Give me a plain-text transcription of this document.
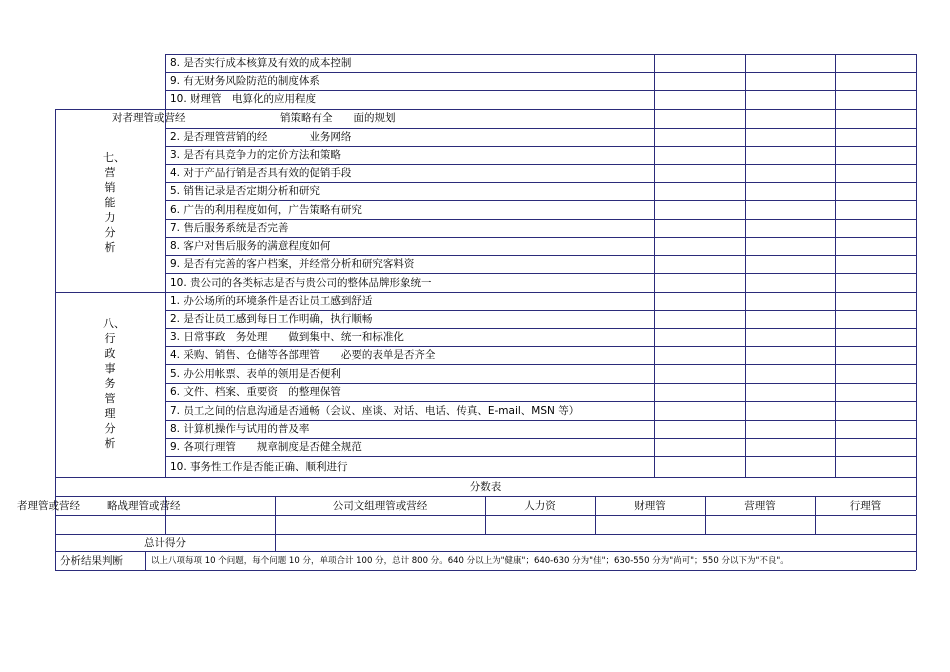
8. 是否实行成本核算及有效的成本控制
9. 有无财务风险防范的制度体系
10. 财理管　电算化的应用程度
七、营销能力分析
对者理管或营经　　　　　　　　　销策略有全　　面的规划
2. 是否理管营销的经　　　　业务网络
3. 是否有具竞争力的定价方法和策略
4. 对于产品行销是否具有效的促销手段
5. 销售记录是否定期分析和研究
6. 广告的利用程度如何，广告策略有研究
7. 售后服务系统是否完善
8. 客户对售后服务的满意程度如何
9. 是否有完善的客户档案，并经常分析和研究客料资
10. 贵公司的各类标志是否与贵公司的整体品牌形象统一
八、行政事务管理分析
1. 办公场所的环境条件是否让员工感到舒适
2. 是否让员工感到每日工作明确，执行顺畅
3. 日常事政　务处理　　做到集中、统一和标准化
4. 采购、销售、仓储等各部理管　　必要的表单是否齐全
5. 办公用帐票、表单的领用是否便利
6. 文件、档案、重要资　的整理保管
7. 员工之间的信息沟通是否通畅（会议、座谈、对话、电话、传真、E-mail、MSN 等）
8. 计算机操作与试用的普及率
9. 各项行理管　　规章制度是否健全规范
10. 事务性工作是否能正确、顺利进行
分数表
者理管或营经	略战理管或营经	公司文组理管或营经	人力资	财理管	营理管	行理管
总计得分
分析结果判断	以上八项每项 10 个问题，每个问题 10 分，单项合计 100 分，总计 800 分。640 分以上为"健康"；640-630 分为"佳"；630-550 分为"尚可"；550 分以下为"不良"。
